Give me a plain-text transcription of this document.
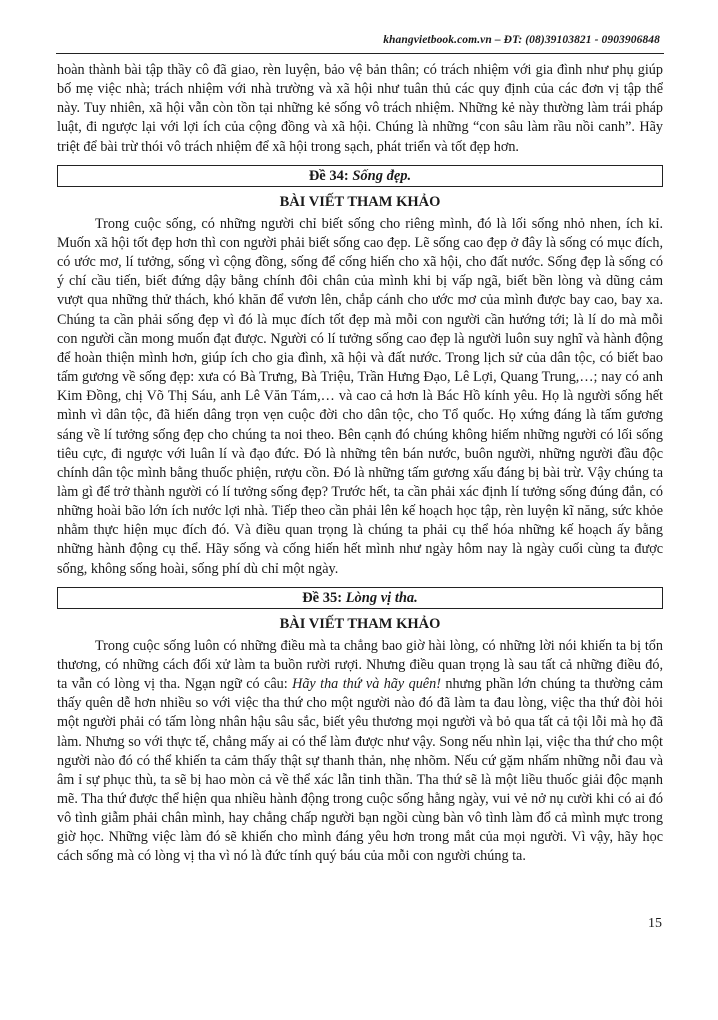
khangvietbook.com.vn – ĐT: (08)39103821 - 0903906848

hoàn thành bài tập thầy cô đã giao, rèn luyện, bảo vệ bản thân; có trách nhiệm với gia đình như phụ giúp bố mẹ việc nhà; trách nhiệm với nhà trường và xã hội như tuân thủ các quy định của các đơn vị tập thể này. Tuy nhiên, xã hội vẫn còn tồn tại những kẻ sống vô trách nhiệm. Những kẻ này thường làm trái pháp luật, đi ngược lại với lợi ích của cộng đồng và xã hội. Chúng là những “con sâu làm rầu nồi canh”. Hãy triệt để bài trừ thói vô trách nhiệm để xã hội trong sạch, phát triển và tốt đẹp hơn.

Đề 34: Sống đẹp.
BÀI VIẾT THAM KHẢO

Trong cuộc sống, có những người chỉ biết sống cho riêng mình, đó là lối sống nhỏ nhen, ích kỉ. Muốn xã hội tốt đẹp hơn thì con người phải biết sống cao đẹp. Lẽ sống cao đẹp ở đây là sống có mục đích, có ước mơ, lí tưởng, sống vì cộng đồng, sống để cống hiến cho xã hội, cho đất nước. Sống đẹp là sống có ý chí cầu tiến, biết đứng dậy bằng chính đôi chân của mình khi bị vấp ngã, biết bền lòng và dũng cảm vượt qua những thử thách, khó khăn để vươn lên, chắp cánh cho ước mơ của mình được bay cao, bay xa. Chúng ta cần phải sống đẹp vì đó là mục đích tốt đẹp mà mỗi con người cần hướng tới; là lí do mà mỗi con người cần mong muốn đạt được. Người có lí tưởng sống cao đẹp là người luôn suy nghĩ và hành động để hoàn thiện mình hơn, giúp ích cho gia đình, xã hội và đất nước. Trong lịch sử của dân tộc, có biết bao tấm gương về sống đẹp: xưa có Bà Trưng, Bà Triệu, Trần Hưng Đạo, Lê Lợi, Quang Trung,…; nay có anh Kim Đồng, chị Võ Thị Sáu, anh Lê Văn Tám,… và cao cả hơn là Bác Hồ kính yêu. Họ là người sống hết mình vì dân tộc, đã hiến dâng trọn vẹn cuộc đời cho dân tộc, cho Tổ quốc. Họ xứng đáng là tấm gương sáng về lí tưởng sống đẹp cho chúng ta noi theo. Bên cạnh đó chúng không hiếm những người có lối sống tiêu cực, đi ngược với luân lí và đạo đức. Đó là những tên bán nước, buôn người, những người đầu độc chính dân tộc mình bằng thuốc phiện, rượu cồn. Đó là những tấm gương xấu đáng bị bài trừ. Vậy chúng ta làm gì để trở thành người có lí tưởng sống đẹp? Trước hết, ta cần phải xác định lí tưởng sống đúng đắn, có những hoài bão lớn ích nước lợi nhà. Tiếp theo cần phải lên kế hoạch học tập, rèn luyện kĩ năng, sức khỏe nhằm thực hiện mục đích đó. Và điều quan trọng là chúng ta phải cụ thể hóa những kế hoạch ấy bằng những hành động cụ thể. Hãy sống và cống hiến hết mình như ngày hôm nay là ngày cuối cùng ta được sống, không sống hoài, sống phí dù chỉ một ngày.

Đề 35: Lòng vị tha.
BÀI VIẾT THAM KHẢO

Trong cuộc sống luôn có những điều mà ta chẳng bao giờ hài lòng, có những lời nói khiến ta bị tổn thương, có những cách đối xử làm ta buồn rười rượi. Nhưng điều quan trọng là sau tất cả những điều đó, ta vẫn có lòng vị tha. Ngạn ngữ có câu: Hãy tha thứ và hãy quên! nhưng phần lớn chúng ta thường cảm thấy quên dễ hơn nhiều so với việc tha thứ cho một người nào đó đã làm ta đau lòng, việc tha thứ đòi hỏi một người phải có tấm lòng nhân hậu sâu sắc, biết yêu thương mọi người và bỏ qua tất cả tội lỗi mà họ đã làm. Nhưng so với thực tế, chẳng mấy ai có thể làm được như vậy. Song nếu nhìn lại, việc tha thứ cho một người nào đó có thể khiến ta cảm thấy thật sự thanh thản, nhẹ nhõm. Nếu cứ gặm nhấm những nỗi đau và âm ỉ sự phục thù, ta sẽ bị hao mòn cả về thể xác lẫn tinh thần. Tha thứ sẽ là một liều thuốc giải độc mạnh mẽ. Tha thứ được thể hiện qua nhiều hành động trong cuộc sống hằng ngày, vui vẻ nở nụ cười khi có ai đó vô tình giẫm phải chân mình, hay chẳng chấp người bạn ngồi cùng bàn vô tình làm đổ cả mình mực trong giờ học. Những việc làm đó sẽ khiến cho mình đáng yêu hơn trong mắt của mọi người. Vì vậy, hãy học cách sống mà có lòng vị tha vì nó là đức tính quý báu của mỗi con người chúng ta.

15
